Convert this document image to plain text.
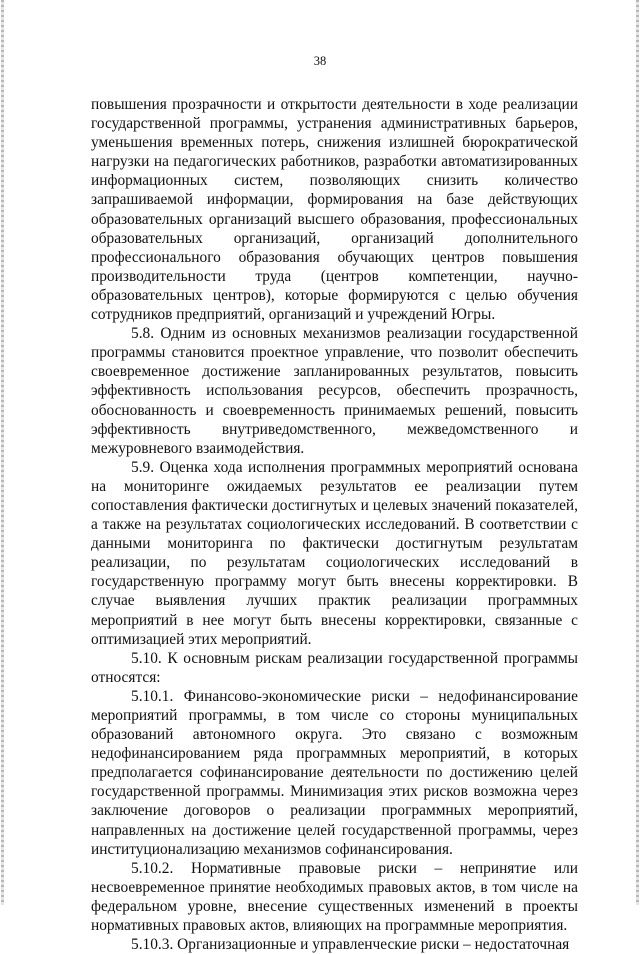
38

повышения прозрачности и открытости деятельности в ходе реализации государственной программы, устранения административных барьеров, уменьшения временных потерь, снижения излишней бюрократической нагрузки на педагогических работников, разработки автоматизированных информационных систем, позволяющих снизить количество запрашиваемой информации, формирования на базе действующих образовательных организаций высшего образования, профессиональных образовательных организаций, организаций дополнительного профессионального образования обучающих центров повышения производительности труда (центров компетенции, научно-образовательных центров), которые формируются с целью обучения сотрудников предприятий, организаций и учреждений Югры.

5.8. Одним из основных механизмов реализации государственной программы становится проектное управление, что позволит обеспечить своевременное достижение запланированных результатов, повысить эффективность использования ресурсов, обеспечить прозрачность, обоснованность и своевременность принимаемых решений, повысить эффективность внутриведомственного, межведомственного и межуровневого взаимодействия.

5.9. Оценка хода исполнения программных мероприятий основана на мониторинге ожидаемых результатов ее реализации путем сопоставления фактически достигнутых и целевых значений показателей, а также на результатах социологических исследований. В соответствии с данными мониторинга по фактически достигнутым результатам реализации, по результатам социологических исследований в государственную программу могут быть внесены корректировки. В случае выявления лучших практик реализации программных мероприятий в нее могут быть внесены корректировки, связанные с оптимизацией этих мероприятий.

5.10. К основным рискам реализации государственной программы относятся:

5.10.1. Финансово-экономические риски – недофинансирование мероприятий программы, в том числе со стороны муниципальных образований автономного округа. Это связано с возможным недофинансированием ряда программных мероприятий, в которых предполагается софинансирование деятельности по достижению целей государственной программы. Минимизация этих рисков возможна через заключение договоров о реализации программных мероприятий, направленных на достижение целей государственной программы, через институционализацию механизмов софинансирования.

5.10.2. Нормативные правовые риски – непринятие или несвоевременное принятие необходимых правовых актов, в том числе на федеральном уровне, внесение существенных изменений в проекты нормативных правовых актов, влияющих на программные мероприятия.

5.10.3. Организационные и управленческие риски – недостаточная
